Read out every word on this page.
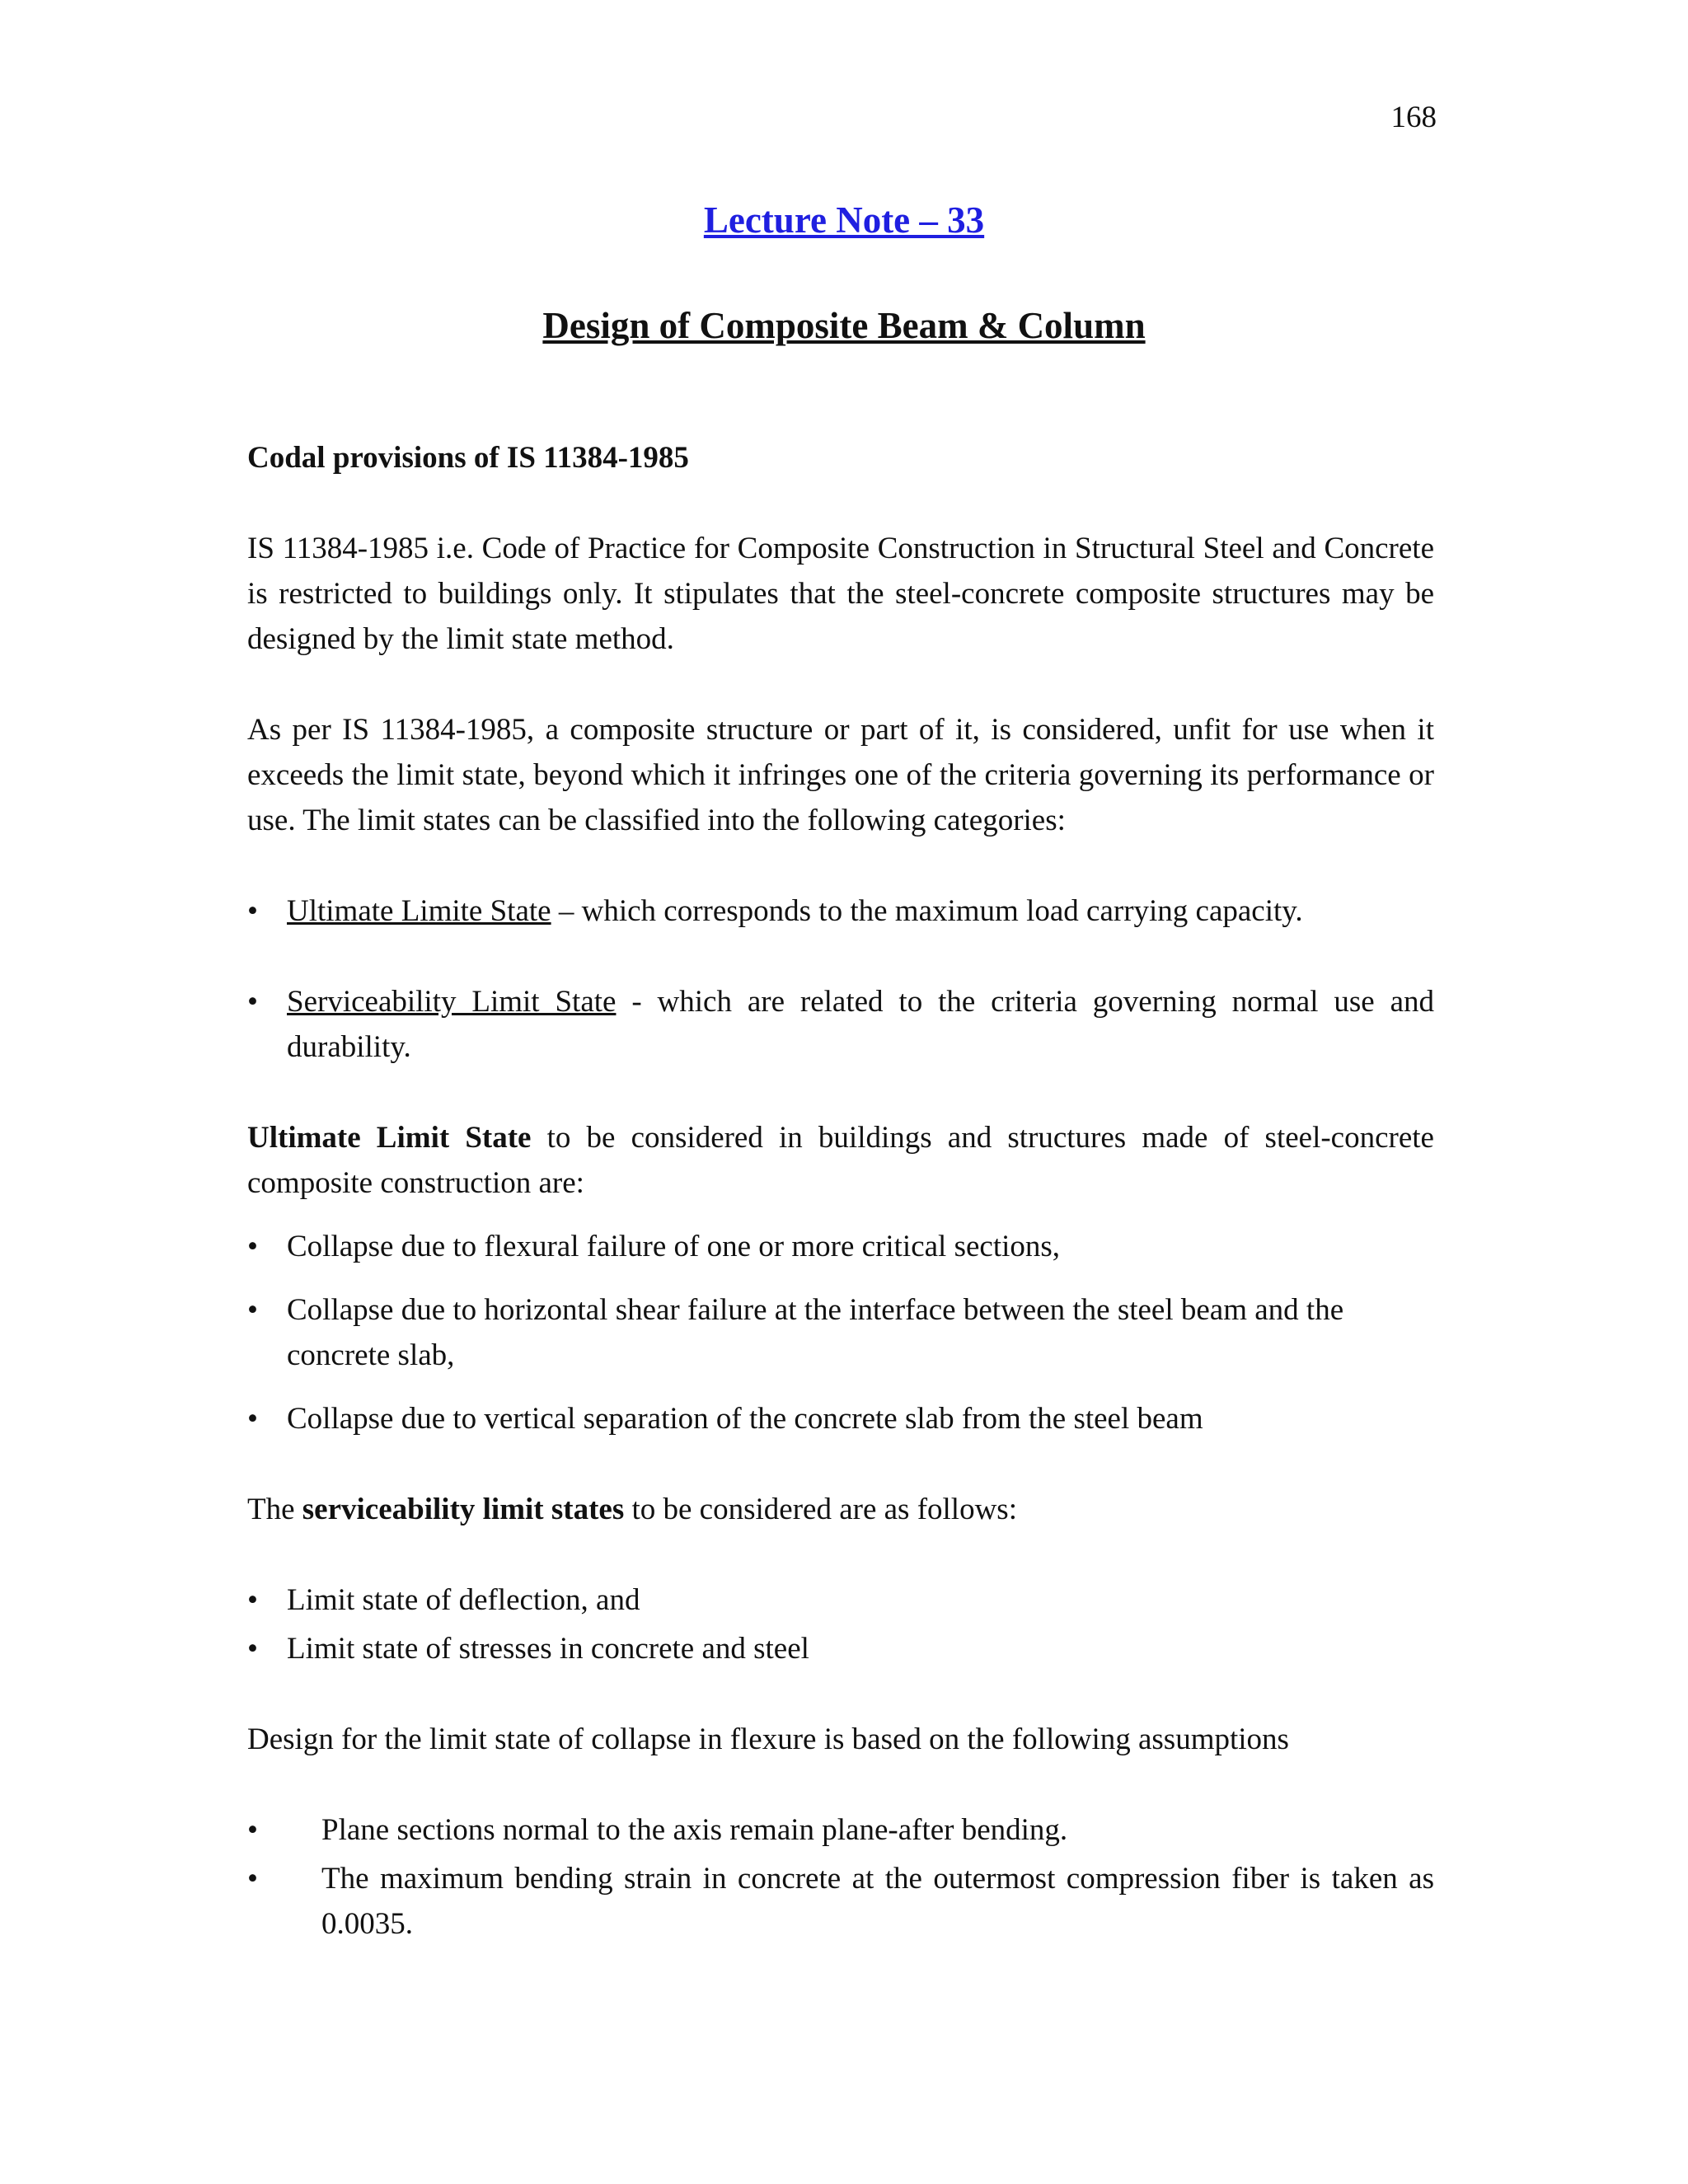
168
Lecture Note – 33
Design of Composite Beam & Column

Codal provisions of IS 11384-1985

IS 11384-1985 i.e. Code of Practice for Composite Construction in Structural Steel and Concrete is restricted to buildings only. It stipulates that the steel-concrete composite structures may be designed by the limit state method.

As per IS 11384-1985, a composite structure or part of it, is considered, unfit for use when it exceeds the limit state, beyond which it infringes one of the criteria governing its performance or use. The limit states can be classified into the following categories:

• Ultimate Limite State – which corresponds to the maximum load carrying capacity.
• Serviceability Limit State - which are related to the criteria governing normal use and durability.

Ultimate Limit State to be considered in buildings and structures made of steel-concrete composite construction are:

• Collapse due to flexural failure of one or more critical sections,
• Collapse due to horizontal shear failure at the interface between the steel beam and the concrete slab,
• Collapse due to vertical separation of the concrete slab from the steel beam

The serviceability limit states to be considered are as follows:

• Limit state of deflection, and
• Limit state of stresses in concrete and steel

Design for the limit state of collapse in flexure is based on the following assumptions

• Plane sections normal to the axis remain plane-after bending.
• The maximum bending strain in concrete at the outermost compression fiber is taken as 0.0035.
